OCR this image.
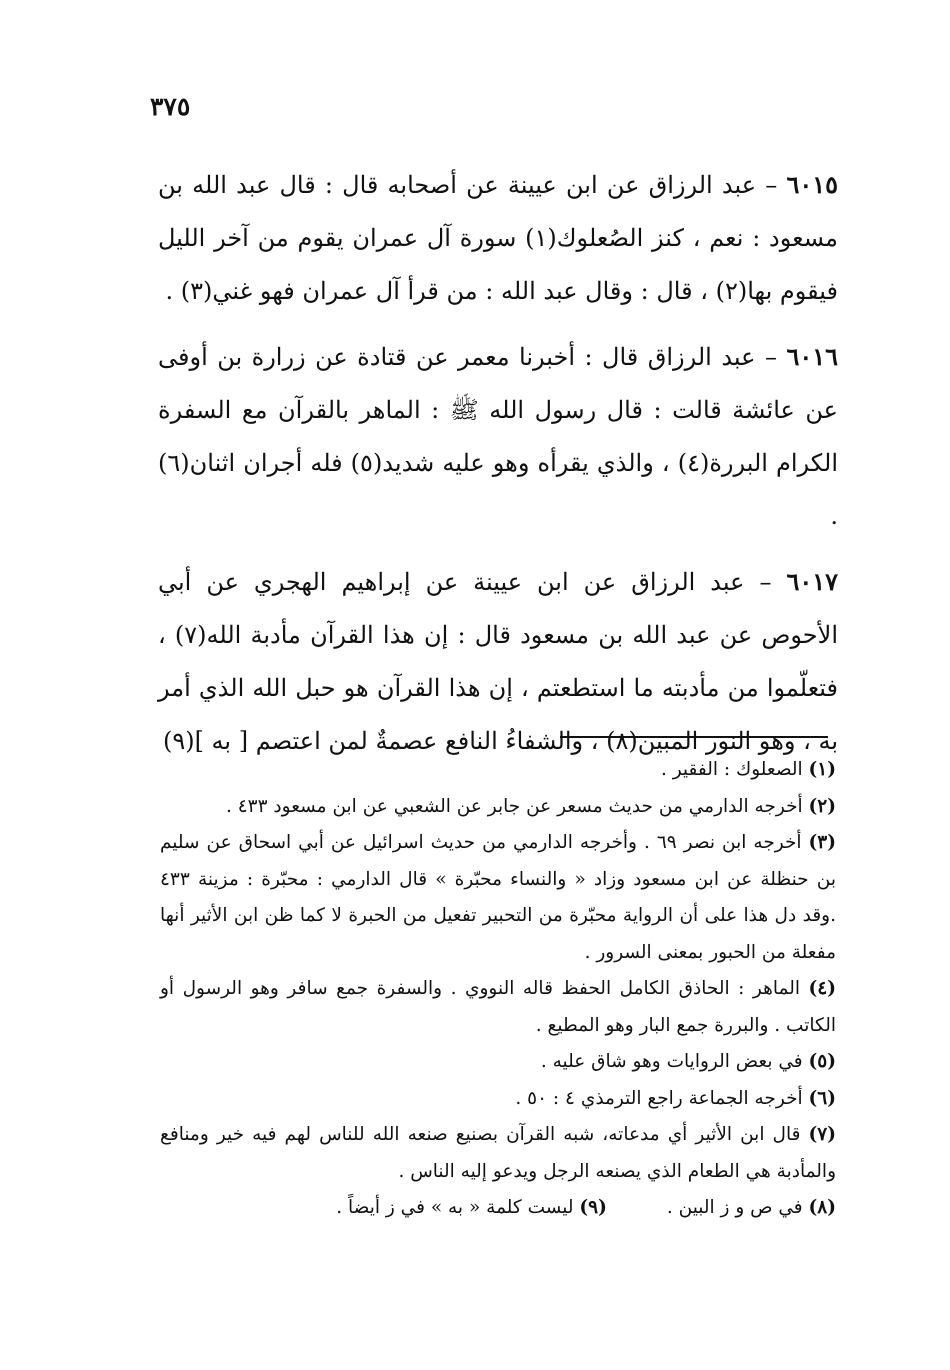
٣٧٥

٦٠١٥ – عبد الرزاق عن ابن عيينة عن أصحابه قال : قال عبد الله بن مسعود : نعم ، كنز الصُعلوك(١) سورة آل عمران يقوم من آخر الليل فيقوم بها(٢) ، قال : وقال عبد الله : من قرأ آل عمران فهو غني(٣) .

٦٠١٦ – عبد الرزاق قال : أخبرنا معمر عن قتادة عن زرارة بن أوفى عن عائشة قالت : قال رسول الله ﷺ : الماهر بالقرآن مع السفرة الكرام البررة(٤) ، والذي يقرأه وهو عليه شديد(٥) فله أجران اثنان(٦) .

٦٠١٧ – عبد الرزاق عن ابن عيينة عن إبراهيم الهجري عن أبي الأحوص عن عبد الله بن مسعود قال : إن هذا القرآن مأدبة الله(٧) ، فتعلّموا من مأدبته ما استطعتم ، إن هذا القرآن هو حبل الله الذي أمر به ، وهو النور المبين(٨) ، والشفاءُ النافع عصمةٌ لمن اعتصم [ به ](٩)

(١) الصعلوك : الفقير .

(٢) أخرجه الدارمي من حديث مسعر عن جابر عن الشعبي عن ابن مسعود ٤٣٣ .

(٣) أخرجه ابن نصر ٦٩ . وأخرجه الدارمي من حديث اسرائيل عن أبي اسحاق عن سليم بن حنظلة عن ابن مسعود وزاد « والنساء محبّرة » قال الدارمي : محبّرة : مزينة ٤٣٣ .وقد دل هذا على أن الرواية محبّرة من التحبير تفعيل من الحبرة لا كما ظن ابن الأثير أنها مفعلة من الحبور بمعنى السرور .

(٤) الماهر : الحاذق الكامل الحفظ قاله النووي . والسفرة جمع سافر وهو الرسول أو الكاتب . والبررة جمع البار وهو المطيع .

(٥) في بعض الروايات وهو شاق عليه .

(٦) أخرجه الجماعة راجع الترمذي ٤ : ٥٠ .

(٧) قال ابن الأثير أي مدعاته، شبه القرآن بصنيع صنعه الله للناس لهم فيه خير ومنافع والمأدبة هي الطعام الذي يصنعه الرجل ويدعو إليه الناس .

(٨) في ص و ز البين .

(٩) ليست كلمة « به » في ز أيضاً .
